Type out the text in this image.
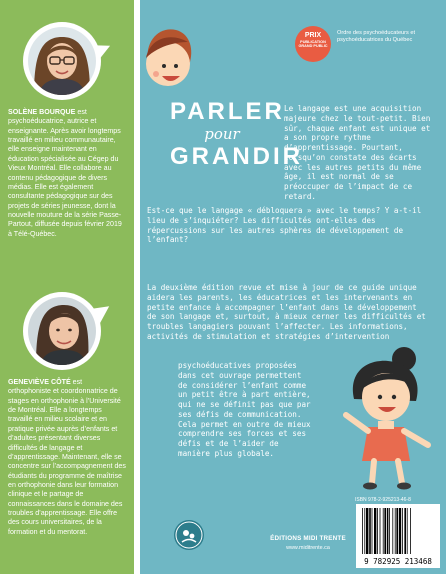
SOLÈNE BOURQUE est psychoéducatrice, autrice et enseignante. Après avoir longtemps travaillé en milieu communautaire, elle enseigne maintenant en éducation spécialisée au Cégep du Vieux Montréal. Elle collabore au contenu pédagogique de divers médias. Elle est également consultante pédagogique sur des projets de séries jeunesse, dont la nouvelle mouture de la série Passe-Partout, diffusée depuis février 2019 à Télé-Québec.
GENEVIÈVE CÔTÉ est orthophoniste et coordonnatrice de stages en orthophonie à l’Université de Montréal. Elle a longtemps travaillé en milieu scolaire et en pratique privée auprès d’enfants et d’adultes présentant diverses difficultés de langage et d’apprentissage. Maintenant, elle se concentre sur l’accompagnement des étudiants du programme de maîtrise en orthophonie dans leur formation clinique et le partage de connaissances dans le domaine des troubles d’apprentissage. Elle offre des cours universitaires, de la formation et du mentorat.
PRIX
PUBLICATION GRAND PUBLIC
Ordre des psychoéducateurs et psychoéducatrices du Québec
PARLER
pour
GRANDIR

Le langage est une acquisition majeure chez le tout-petit. Bien sûr, chaque enfant est unique et a son propre rythme d’apprentissage. Pourtant, lorsqu’on constate des écarts avec les autres petits du même âge, il est normal de se préoccuper de l’impact de ce retard.

Est-ce que le langage « débloquera » avec le temps? Y a-t-il lieu de s’inquiéter? Les difficultés ont-elles des répercussions sur les autres sphères de développement de l’enfant?

La deuxième édition revue et mise à jour de ce guide unique aidera les parents, les éducatrices et les intervenants en petite enfance à accompagner l’enfant dans le développement de son langage et, surtout, à mieux cerner les difficultés et troubles langagiers pouvant l’affecter. Les informations, activités de stimulation et stratégies d’intervention

psychoéducatives proposées dans cet ouvrage permettent de considérer l’enfant comme un petit être à part entière, qui ne se définit pas que par ses défis de communication. Cela permet en outre de mieux comprendre ses forces et ses défis et de l’aider de manière plus globale.

ISBN 978-2-925213-46-8
9 782925 213468
ÉDITIONS MIDI TRENTE
www.miditrente.ca
